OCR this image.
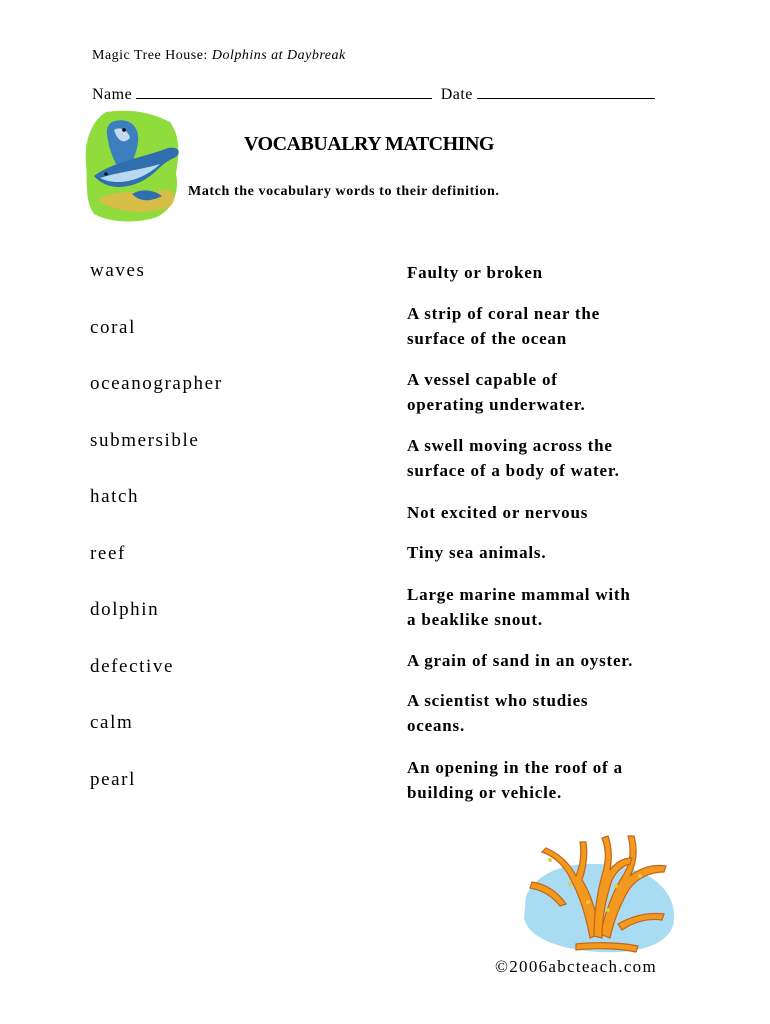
Magic Tree House: Dolphins at Daybreak
Name	Date
VOCABUALRY MATCHING
Match the vocabulary words to their definition.
waves
coral
oceanographer
submersible
hatch
reef
dolphin
defective
calm
pearl
Faulty or broken
A strip of coral near the
surface of the ocean
A vessel capable of
operating underwater.
A swell moving across the
surface of a body of water.
Not excited or nervous
Tiny sea animals.
Large marine mammal with
a beaklike snout.
A grain of sand in an oyster.
A scientist who studies
oceans.
An opening in the roof of a
building or vehicle.
©2006abcteach.com
